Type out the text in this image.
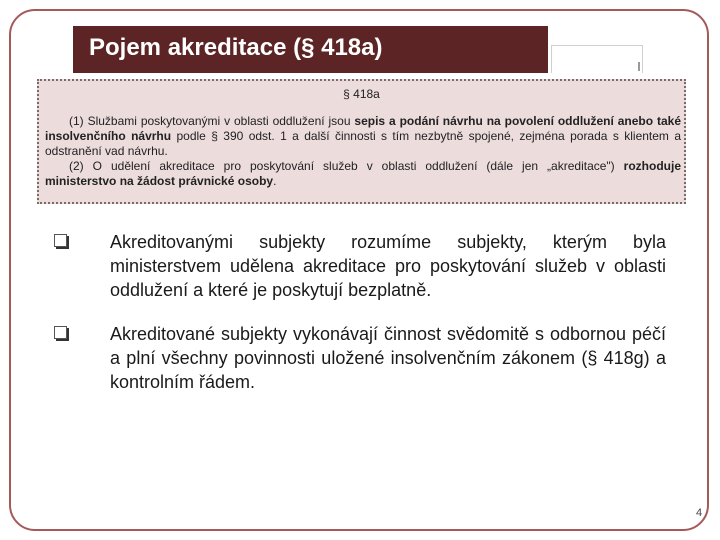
Pojem akreditace (§ 418a)
§ 418a

(1) Službami poskytovanými v oblasti oddlužení jsou sepis a podání návrhu na povolení oddlužení anebo také insolvenčního návrhu podle § 390 odst. 1 a další činnosti s tím nezbytně spojené, zejména porada s klientem a odstranění vad návrhu.

(2) O udělení akreditace pro poskytování služeb v oblasti oddlužení (dále jen „akreditace") rozhoduje ministerstvo na žádost právnické osoby.

Akreditovanými subjekty rozumíme subjekty, kterým byla ministerstvem udělena akreditace pro poskytování služeb v oblasti oddlužení a které je poskytují bezplatně.
Akreditované subjekty vykonávají činnost svědomitě s odbornou péčí a plní všechny povinnosti uložené insolvenčním zákonem (§ 418g) a kontrolním řádem.
4
